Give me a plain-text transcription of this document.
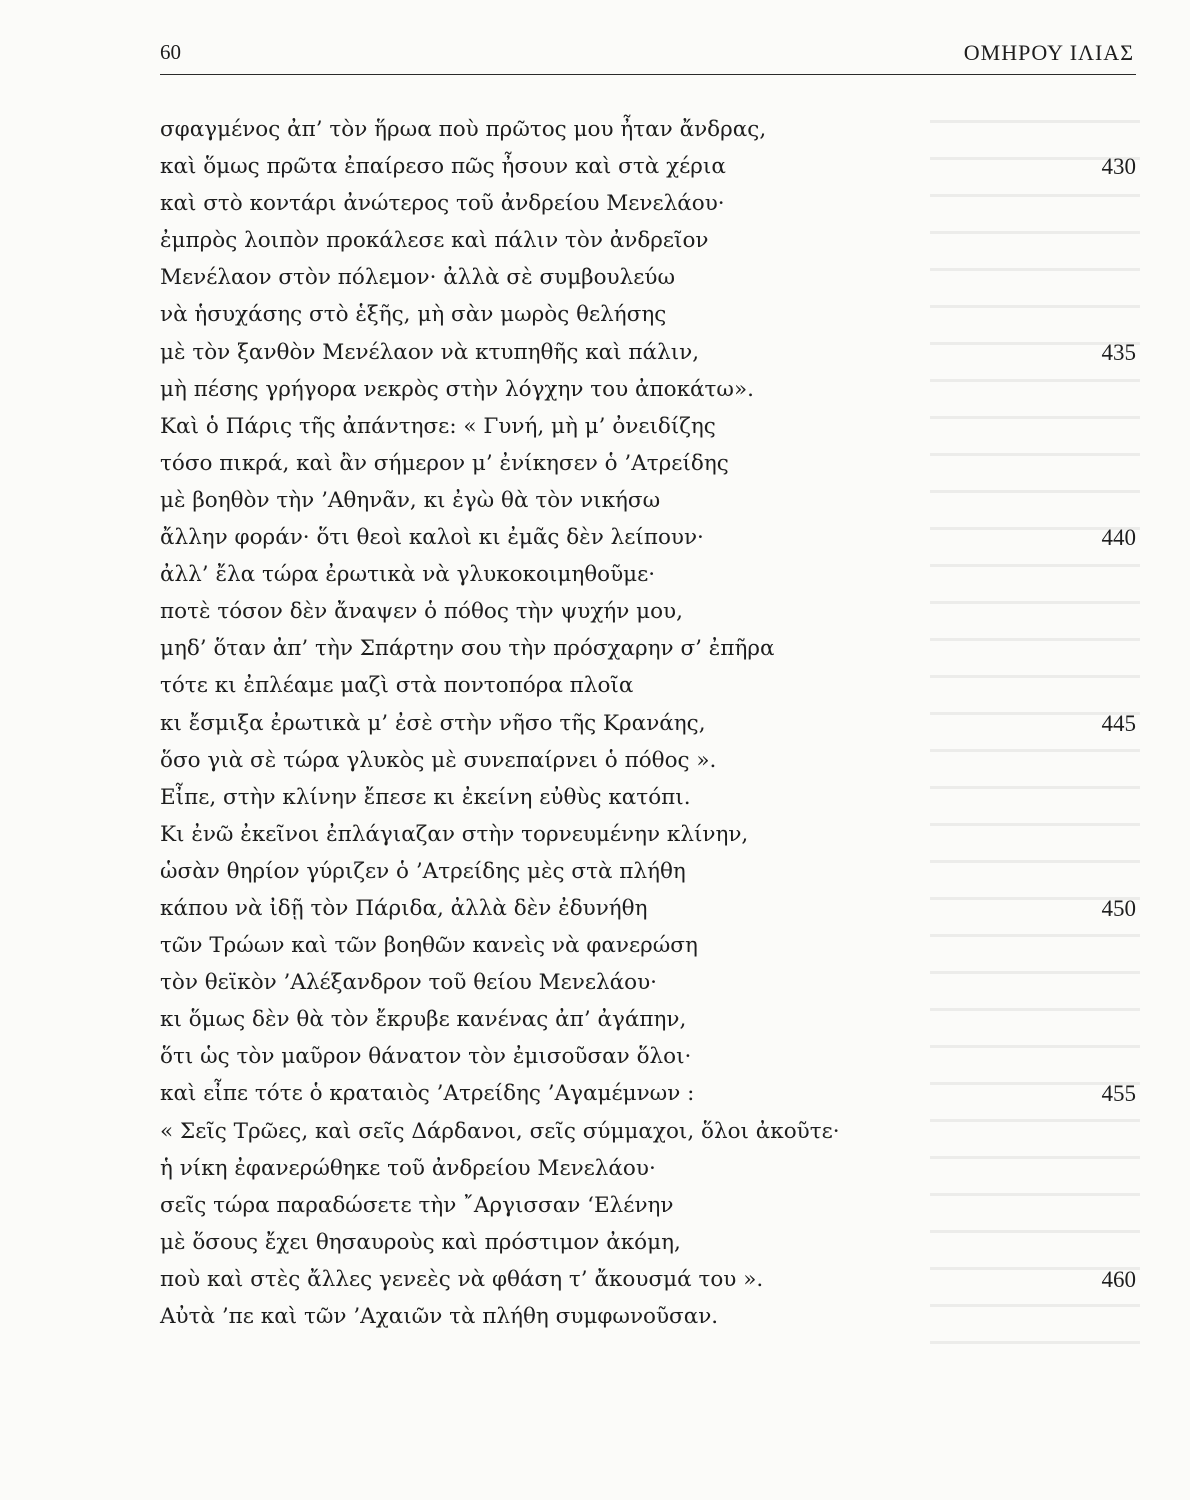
60	ΟΜΗΡΟΥ ΙΛΙΑΣ
σφαγμένος ἀπ’ τὸν ἥρωα ποὺ πρῶτος μου ἦταν ἄνδρας,
καὶ ὅμως πρῶτα ἐπαίρεσο πῶς ἦσουν καὶ στὰ χέρια	430
καὶ στὸ κοντάρι ἀνώτερος τοῦ ἀνδρείου Μενελάου·
ἐμπρὸς λοιπὸν προκάλεσε καὶ πάλιν τὸν ἀνδρεῖον
Μενέλαον στὸν πόλεμον· ἀλλὰ σὲ συμβουλεύω
νὰ ἡσυχάσης στὸ ἑξῆς, μὴ σὰν μωρὸς θελήσης
μὲ τὸν ξανθὸν Μενέλαον νὰ κτυπηθῆς καὶ πάλιν,	435
μὴ πέσης γρήγορα νεκρὸς στὴν λόγχην του ἀποκάτω».
Καὶ ὁ Πάρις τῆς ἀπάντησε: « Γυνή, μὴ μ’ ὀνειδίζης
τόσο πικρά, καὶ ἂν σήμερον μ’ ἐνίκησεν ὁ ’Ατρείδης
μὲ βοηθὸν τὴν ’Αθηνᾶν, κι ἐγὼ θὰ τὸν νικήσω
ἄλλην φοράν· ὅτι θεοὶ καλοὶ κι ἐμᾶς δὲν λείπουν·	440
ἀλλ’ ἔλα τώρα ἐρωτικὰ νὰ γλυκοκοιμηθοῦμε·
ποτὲ τόσον δὲν ἄναψεν ὁ πόθος τὴν ψυχήν μου,
μηδ’ ὅταν ἀπ’ τὴν Σπάρτην σου τὴν πρόσχαρην σ’ ἐπῆρα
τότε κι ἐπλέαμε μαζὶ στὰ ποντοπόρα πλοῖα
κι ἔσμιξα ἐρωτικὰ μ’ ἐσὲ στὴν νῆσο τῆς Κρανάης,	445
ὅσο γιὰ σὲ τώρα γλυκὸς μὲ συνεπαίρνει ὁ πόθος ».
Εἶπε, στὴν κλίνην ἔπεσε κι ἐκείνη εὐθὺς κατόπι.
Κι ἐνῶ ἐκεῖνοι ἐπλάγιαζαν στὴν τορνευμένην κλίνην,
ὡσὰν θηρίον γύριζεν ὁ ’Ατρείδης μὲς στὰ πλήθη
κάπου νὰ ἰδῇ τὸν Πάριδα, ἀλλὰ δὲν ἐδυνήθη	450
τῶν Τρώων καὶ τῶν βοηθῶν κανεὶς νὰ φανερώση
τὸν θεϊκὸν ’Αλέξανδρον τοῦ θείου Μενελάου·
κι ὅμως δὲν θὰ τὸν ἔκρυβε κανένας ἀπ’ ἀγάπην,
ὅτι ὡς τὸν μαῦρον θάνατον τὸν ἐμισοῦσαν ὅλοι·
καὶ εἶπε τότε ὁ κραταιὸς ’Ατρείδης ’Αγαμέμνων :	455
« Σεῖς Τρῶες, καὶ σεῖς Δάρδανοι, σεῖς σύμμαχοι, ὅλοι ἀκοῦτε·
ἡ νίκη ἐφανερώθηκε τοῦ ἀνδρείου Μενελάου·
σεῖς τώρα παραδώσετε τὴν ῎Αργισσαν ‘Ελένην
μὲ ὅσους ἔχει θησαυροὺς καὶ πρόστιμον ἀκόμη,
ποὺ καὶ στὲς ἄλλες γενεὲς νὰ φθάση τ’ ἄκουσμά του ».	460
Αὐτὰ ’πε καὶ τῶν ’Αχαιῶν τὰ πλήθη συμφωνοῦσαν.
